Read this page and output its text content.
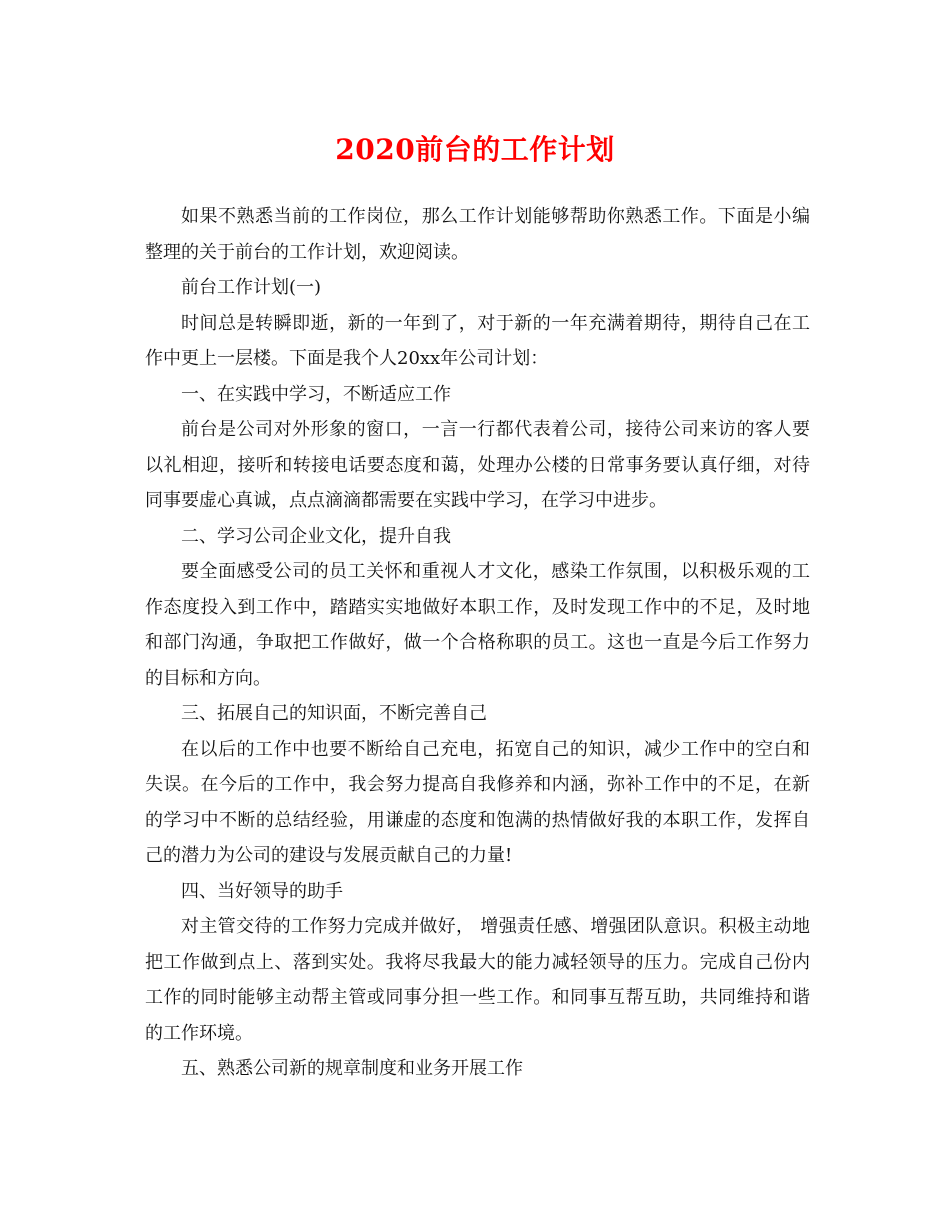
2020前台的工作计划

如果不熟悉当前的工作岗位，那么工作计划能够帮助你熟悉工作。下面是小编整理的关于前台的工作计划，欢迎阅读。

前台工作计划(一)

时间总是转瞬即逝，新的一年到了，对于新的一年充满着期待，期待自己在工作中更上一层楼。下面是我个人20xx年公司计划：

一、在实践中学习，不断适应工作

前台是公司对外形象的窗口，一言一行都代表着公司，接待公司来访的客人要以礼相迎，接听和转接电话要态度和蔼，处理办公楼的日常事务要认真仔细，对待同事要虚心真诚，点点滴滴都需要在实践中学习，在学习中进步。

二、学习公司企业文化，提升自我

要全面感受公司的员工关怀和重视人才文化，感染工作氛围，以积极乐观的工作态度投入到工作中，踏踏实实地做好本职工作，及时发现工作中的不足，及时地和部门沟通，争取把工作做好，做一个合格称职的员工。这也一直是今后工作努力的目标和方向。

三、拓展自己的知识面，不断完善自己

在以后的工作中也要不断给自己充电，拓宽自己的知识，减少工作中的空白和失误。在今后的工作中，我会努力提高自我修养和内涵，弥补工作中的不足，在新的学习中不断的总结经验，用谦虚的态度和饱满的热情做好我的本职工作，发挥自己的潜力为公司的建设与发展贡献自己的力量!

四、当好领导的助手

对主管交待的工作努力完成并做好， 增强责任感、增强团队意识。积极主动地把工作做到点上、落到实处。我将尽我最大的能力减轻领导的压力。完成自己份内工作的同时能够主动帮主管或同事分担一些工作。和同事互帮互助，共同维持和谐的工作环境。

五、熟悉公司新的规章制度和业务开展工作
